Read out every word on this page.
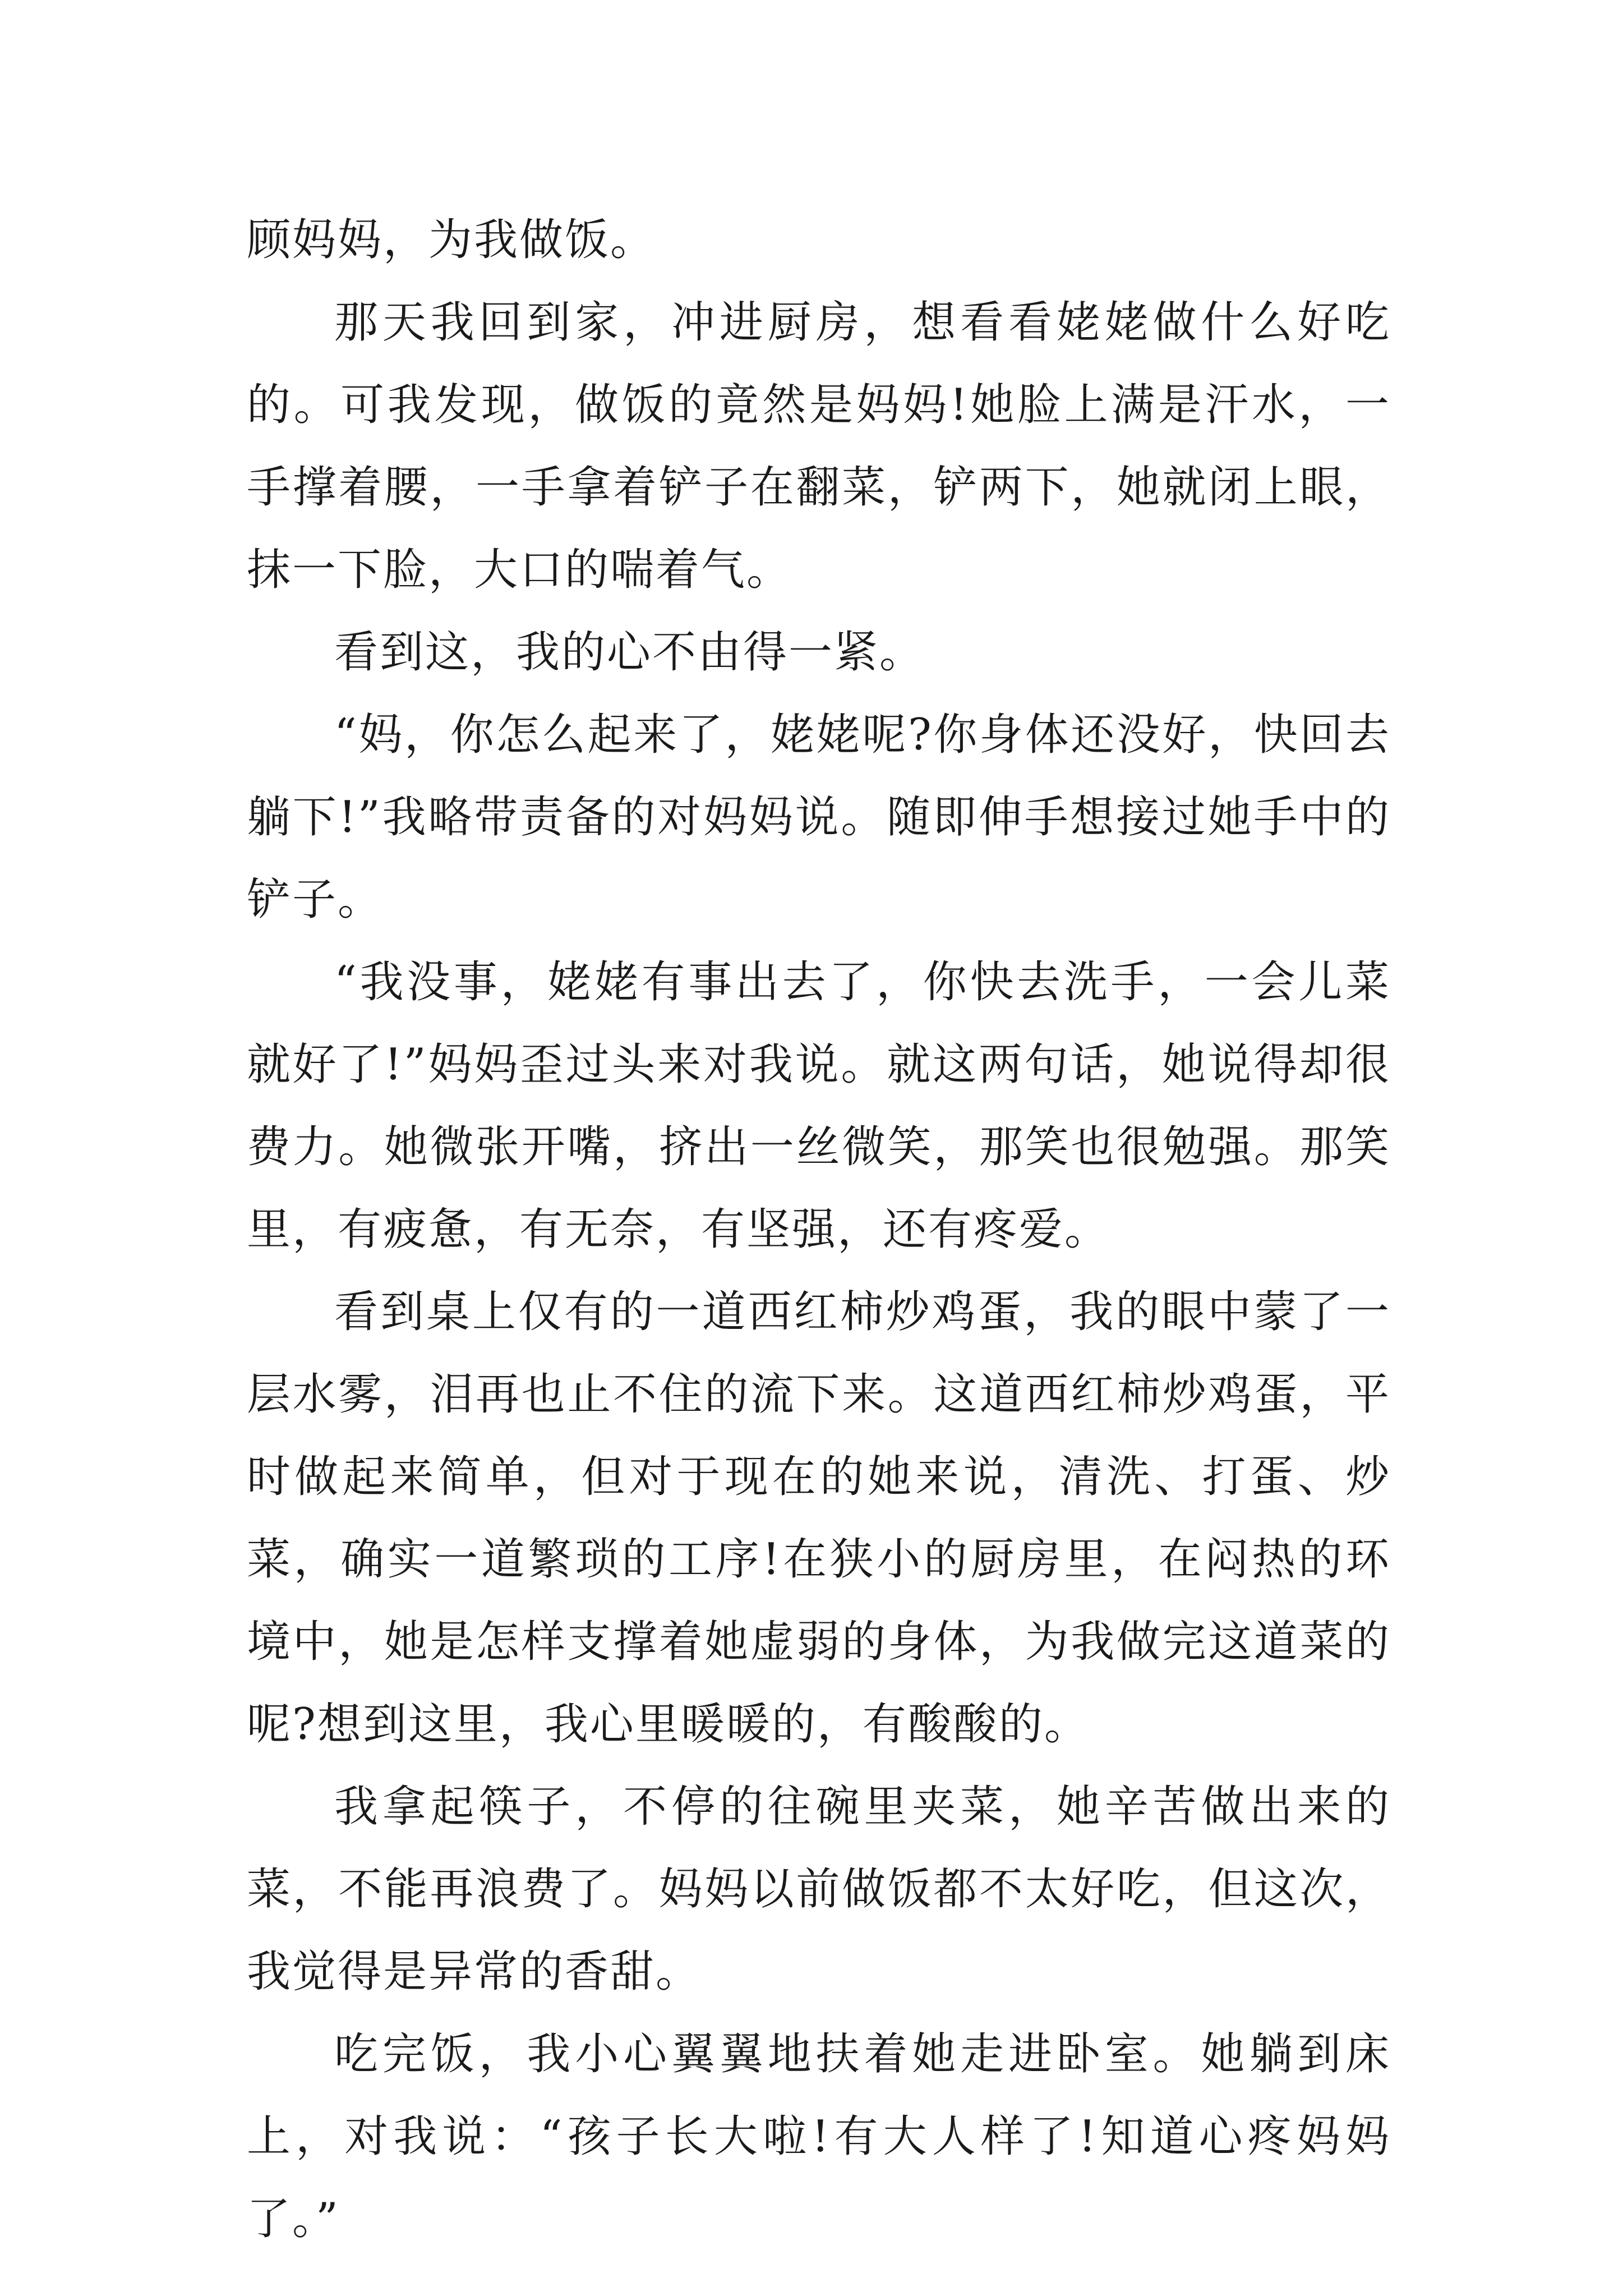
顾妈妈，为我做饭。

那天我回到家，冲进厨房，想看看姥姥做什么好吃的。可我发现，做饭的竟然是妈妈!她脸上满是汗水，一手撑着腰，一手拿着铲子在翻菜，铲两下，她就闭上眼，抹一下脸，大口的喘着气。

看到这，我的心不由得一紧。

“妈，你怎么起来了，姥姥呢?你身体还没好，快回去躺下!”我略带责备的对妈妈说。随即伸手想接过她手中的铲子。

“我没事，姥姥有事出去了，你快去洗手，一会儿菜就好了!”妈妈歪过头来对我说。就这两句话，她说得却很费力。她微张开嘴，挤出一丝微笑，那笑也很勉强。那笑里，有疲惫，有无奈，有坚强，还有疼爱。

看到桌上仅有的一道西红柿炒鸡蛋，我的眼中蒙了一层水雾，泪再也止不住的流下来。这道西红柿炒鸡蛋，平时做起来简单，但对于现在的她来说，清洗、打蛋、炒菜，确实一道繁琐的工序!在狭小的厨房里，在闷热的环境中，她是怎样支撑着她虚弱的身体，为我做完这道菜的呢?想到这里，我心里暖暖的，有酸酸的。

我拿起筷子，不停的往碗里夹菜，她辛苦做出来的菜，不能再浪费了。妈妈以前做饭都不太好吃，但这次，我觉得是异常的香甜。

吃完饭，我小心翼翼地扶着她走进卧室。她躺到床上，对我说：“孩子长大啦!有大人样了!知道心疼妈妈了。”
